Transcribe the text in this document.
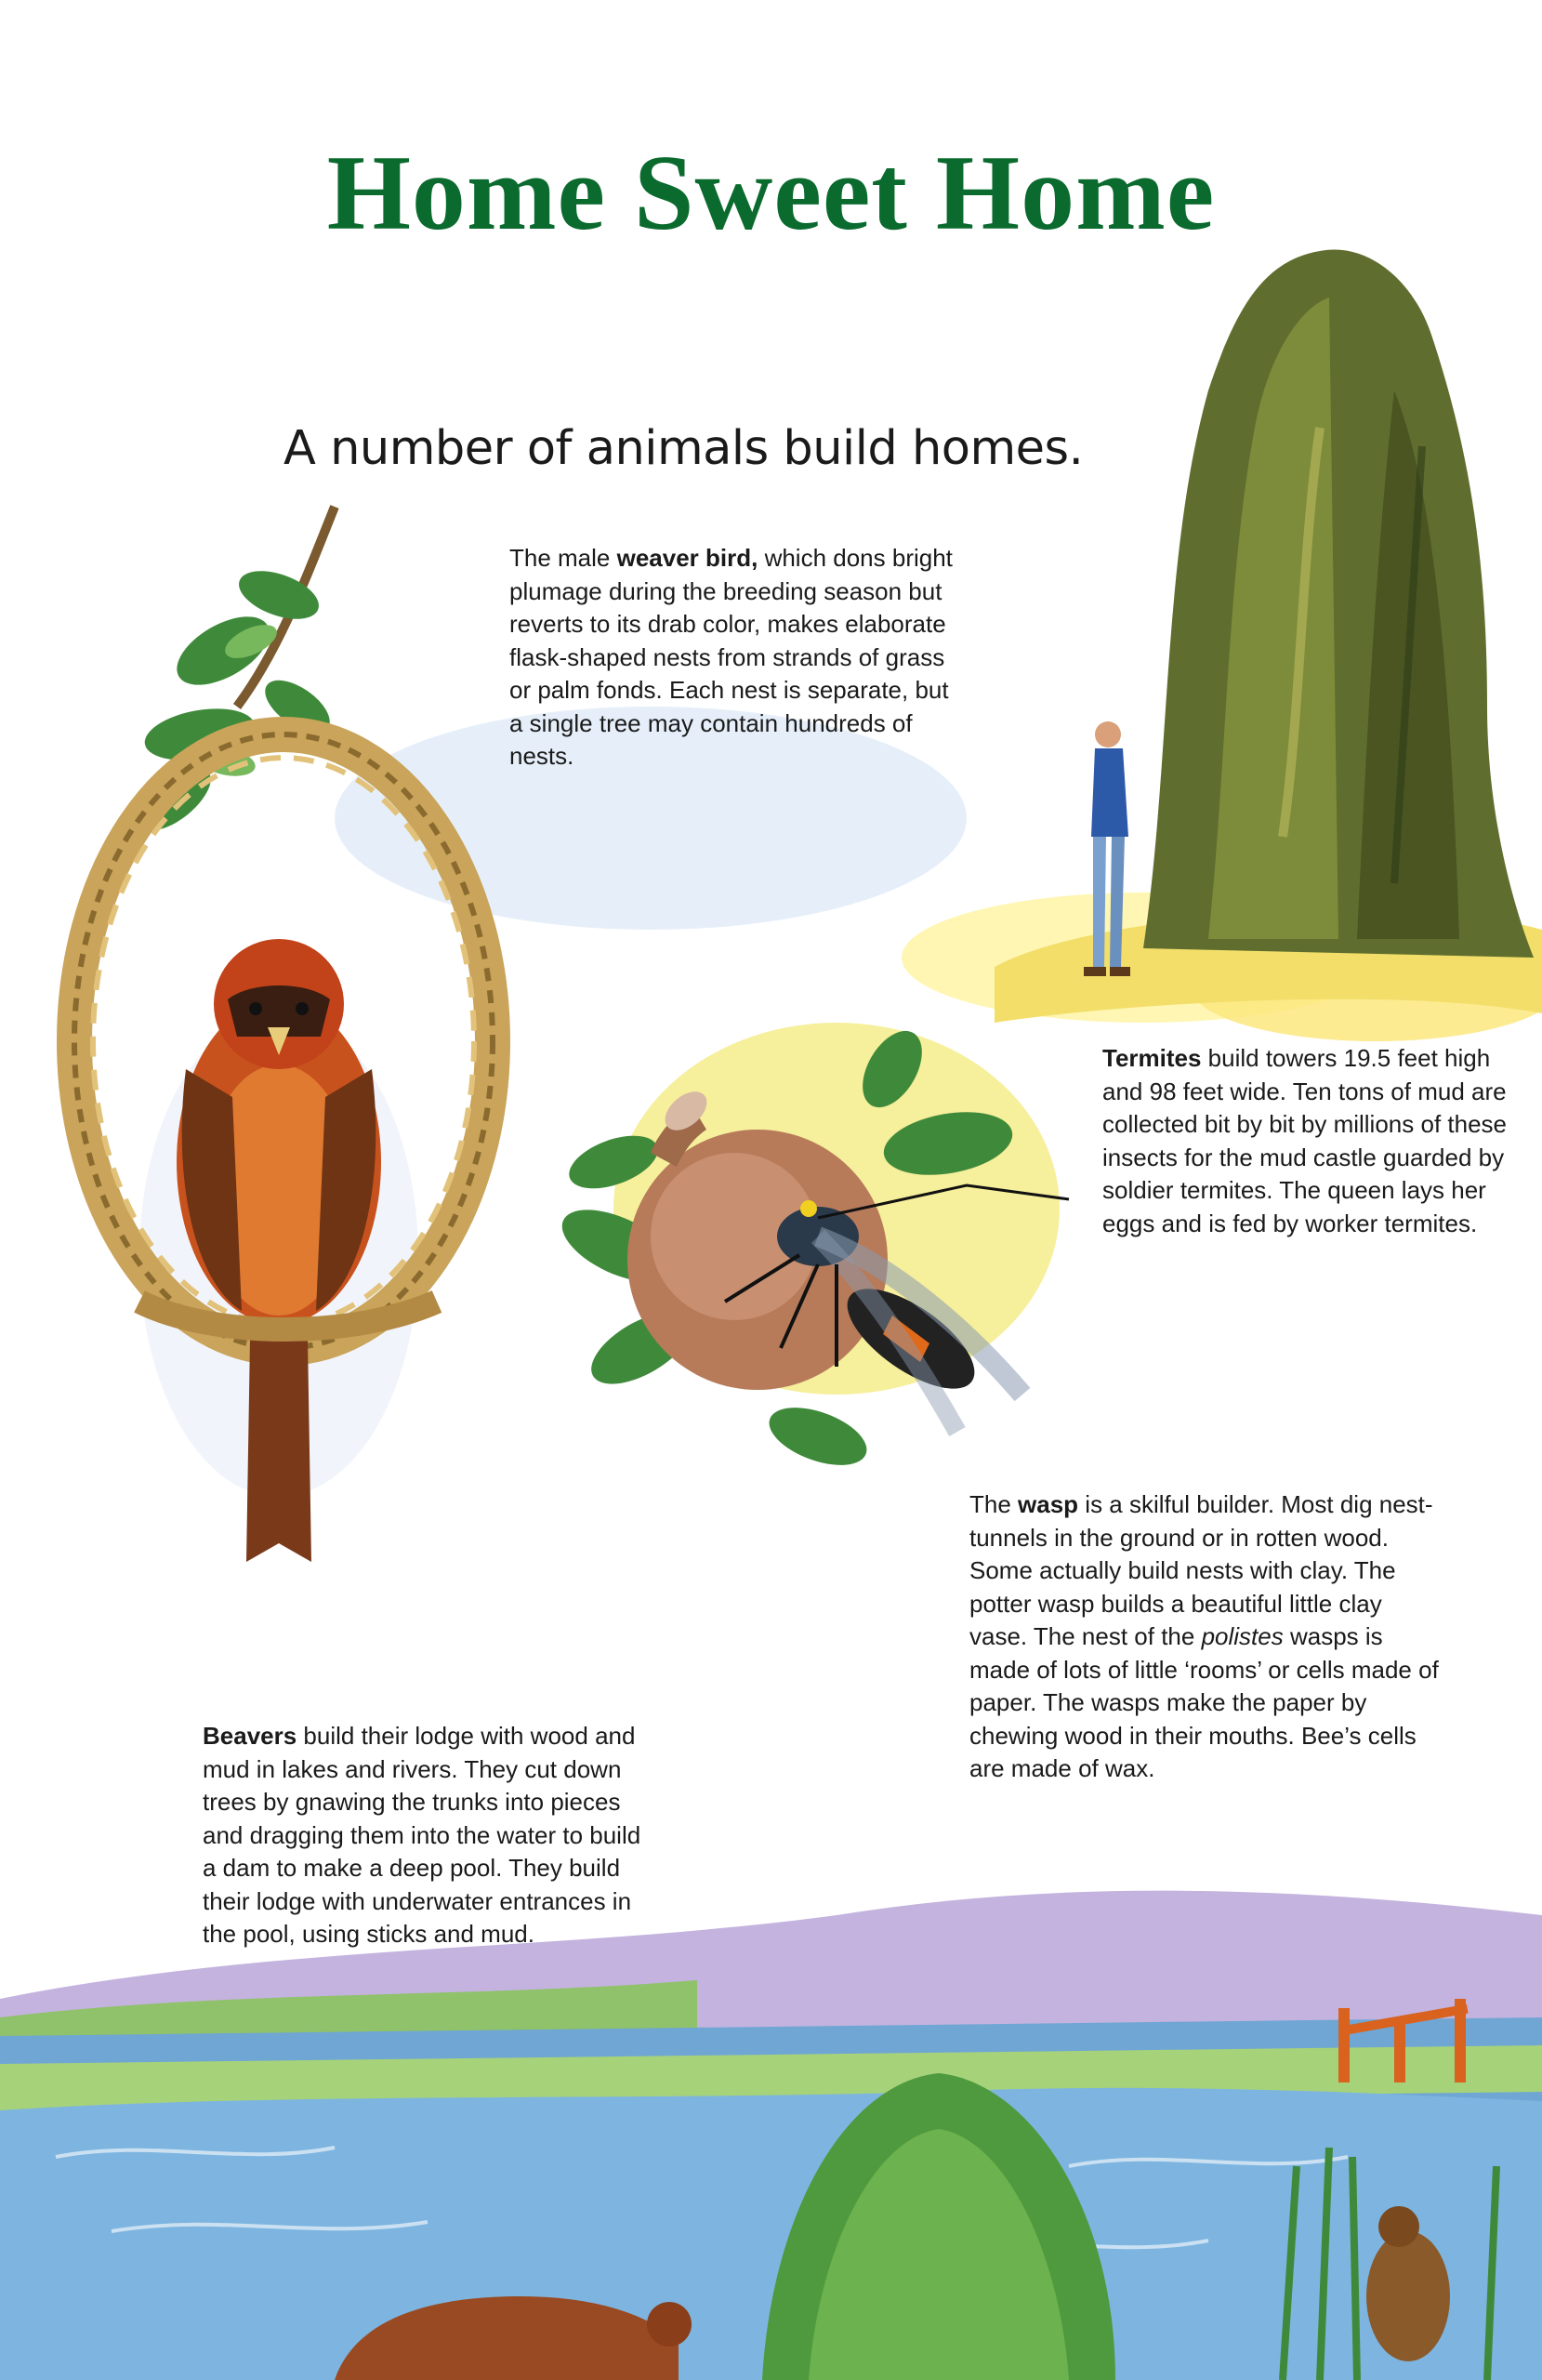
Home Sweet Home

A number of animals build homes.

The male weaver bird, which dons bright plumage during the breeding season but reverts to its drab color, makes elaborate flask-shaped nests from strands of grass or palm fonds. Each nest is separate, but a single tree may contain hundreds of nests.

Termites build towers 19.5 feet high and 98 feet wide. Ten tons of mud are collected bit by bit by millions of these insects for the mud castle guarded by soldier termites. The queen lays her eggs and is fed by worker termites.

The wasp is a skilful builder. Most dig nest-tunnels in the ground or in rotten wood. Some actually build nests with clay. The potter wasp builds a beautiful little clay vase. The nest of the polistes wasps is made of lots of little ‘rooms’ or cells made of paper. The wasps make the paper by chewing wood in their mouths. Bee’s cells are made of wax.

Beavers build their lodge with wood and mud in lakes and rivers. They cut down trees by gnawing the trunks into pieces and dragging them into the water to build a dam to make a deep pool. They build their lodge with underwater entrances in the pool, using sticks and mud.
